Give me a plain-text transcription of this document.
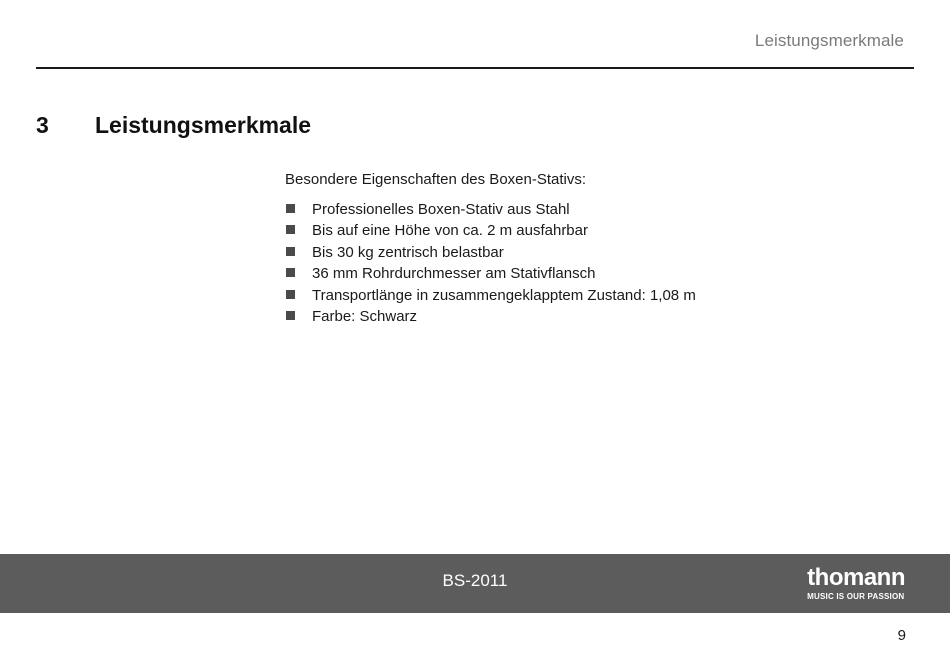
Leistungsmerkmale
3 Leistungsmerkmale

Besondere Eigenschaften des Boxen-Stativs:

Professionelles Boxen-Stativ aus Stahl
Bis auf eine Höhe von ca. 2 m ausfahrbar
Bis 30 kg zentrisch belastbar
36 mm Rohrdurchmesser am Stativflansch
Transportlänge in zusammengeklapptem Zustand: 1,08 m
Farbe: Schwarz
BS-2011	thomann
MUSIC IS OUR PASSION
9
